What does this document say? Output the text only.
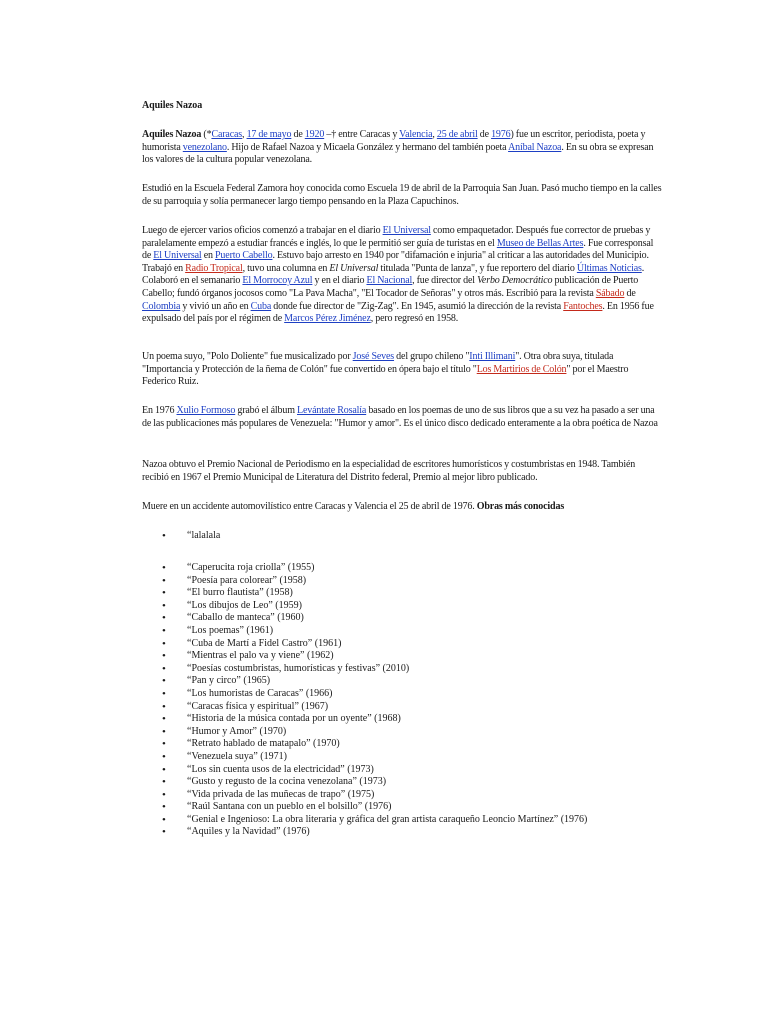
Aquiles Nazoa

Aquiles Nazoa (*Caracas, 17 de mayo de 1920 –† entre Caracas y Valencia, 25 de abril de 1976) fue un escritor, periodista, poeta y humorista venezolano. Hijo de Rafael Nazoa y Micaela González y hermano del también poeta Aníbal Nazoa. En su obra se expresan los valores de la cultura popular venezolana.

Estudió en la Escuela Federal Zamora hoy conocida como Escuela 19 de abril de la Parroquia San Juan. Pasó mucho tiempo en la calles de su parroquia y solía permanecer largo tiempo pensando en la Plaza Capuchinos.

Luego de ejercer varios oficios comenzó a trabajar en el diario El Universal como empaquetador. Después fue corrector de pruebas y paralelamente empezó a estudiar francés e inglés, lo que le permitió ser guía de turistas en el Museo de Bellas Artes. Fue corresponsal de El Universal en Puerto Cabello. Estuvo bajo arresto en 1940 por "difamación e injuria" al criticar a las autoridades del Municipio. Trabajó en Radio Tropical, tuvo una columna en El Universal titulada "Punta de lanza", y fue reportero del diario Últimas Noticias. Colaboró en el semanario El Morrocoy Azul y en el diario El Nacional, fue director del Verbo Democrático publicación de Puerto Cabello; fundó órganos jocosos como "La Pava Macha", "El Tocador de Señoras" y otros más. Escribió para la revista Sábado de Colombia y vivió un año en Cuba donde fue director de "Zig-Zag". En 1945, asumió la dirección de la revista Fantoches. En 1956 fue expulsado del país por el régimen de Marcos Pérez Jiménez, pero regresó en 1958.

Un poema suyo, "Polo Doliente" fue musicalizado por José Seves del grupo chileno "Inti Illimani". Otra obra suya, titulada "Importancia y Protección de la ñema de Colón" fue convertido en ópera bajo el título "Los Martirios de Colón" por el Maestro Federico Ruiz.

En 1976 Xulio Formoso grabó el álbum Levántate Rosalía basado en los poemas de uno de sus libros que a su vez ha pasado a ser una de las publicaciones más populares de Venezuela: "Humor y amor". Es el único disco dedicado enteramente a la obra poética de Nazoa

Nazoa obtuvo el Premio Nacional de Periodismo en la especialidad de escritores humorísticos y costumbristas en 1948. También recibió en 1967 el Premio Municipal de Literatura del Distrito federal, Premio al mejor libro publicado.

Muere en un accidente automovilístico entre Caracas y Valencia el 25 de abril de 1976. Obras más conocidas

• “lalalala
• “Caperucita roja criolla” (1955)
• “Poesía para colorear” (1958)
• “El burro flautista” (1958)
• “Los dibujos de Leo” (1959)
• “Caballo de manteca” (1960)
• “Los poemas” (1961)
• “Cuba de Martí a Fidel Castro” (1961)
• “Mientras el palo va y viene” (1962)
• “Poesías costumbristas, humorísticas y festivas” (2010)
• “Pan y circo” (1965)
• “Los humoristas de Caracas” (1966)
• “Caracas física y espiritual” (1967)
• “Historia de la música contada por un oyente” (1968)
• “Humor y Amor” (1970)
• “Retrato hablado de matapalo” (1970)
• “Venezuela suya” (1971)
• “Los sin cuenta usos de la electricidad” (1973)
• “Gusto y regusto de la cocina venezolana” (1973)
• “Vida privada de las muñecas de trapo” (1975)
• “Raúl Santana con un pueblo en el bolsillo” (1976)
• “Genial e Ingenioso: La obra literaria y gráfica del gran artista caraqueño Leoncio Martínez” (1976)
• “Aquiles y la Navidad” (1976)
